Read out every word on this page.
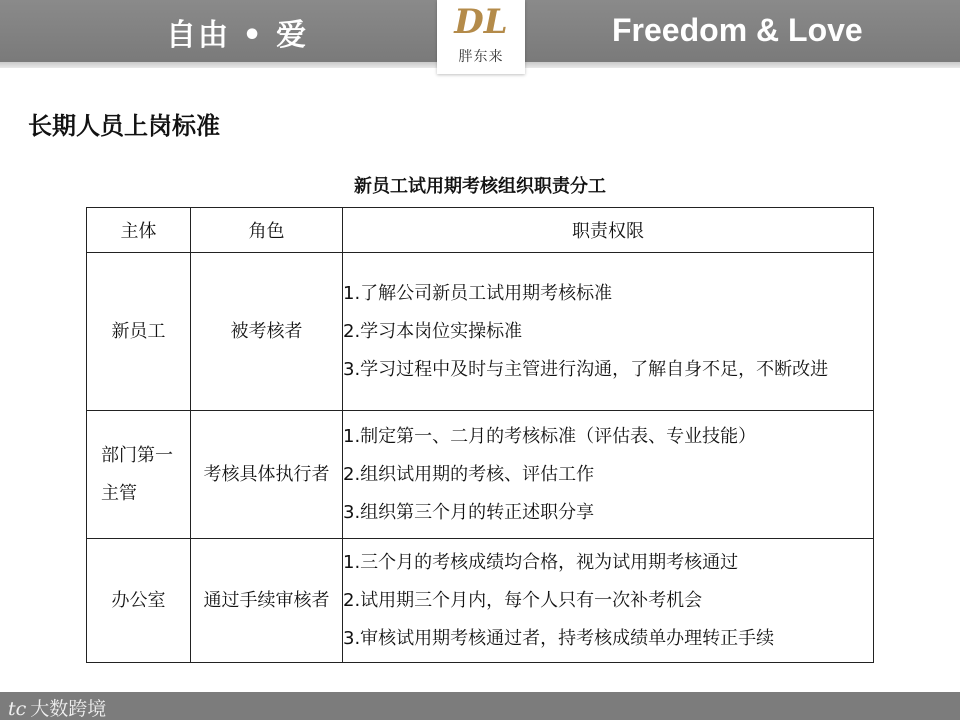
自由 • 爱	Freedom & Love
DL
胖东来
长期人员上岗标准
新员工试用期考核组织职责分工
主体	角色	职责权限
新员工	被考核者	1.了解公司新员工试用期考核标准
2.学习本岗位实操标准
3.学习过程中及时与主管进行沟通，了解自身不足，不断改进

部门第一主管	考核具体执行者	1.制定第一、二月的考核标准（评估表、专业技能）
2.组织试用期的考核、评估工作
3.组织第三个月的转正述职分享

办公室	通过手续审核者	1.三个月的考核成绩均合格，视为试用期考核通过
2.试用期三个月内，每个人只有一次补考机会
3.审核试用期考核通过者，持考核成绩单办理转正手续
tc 大数跨境
